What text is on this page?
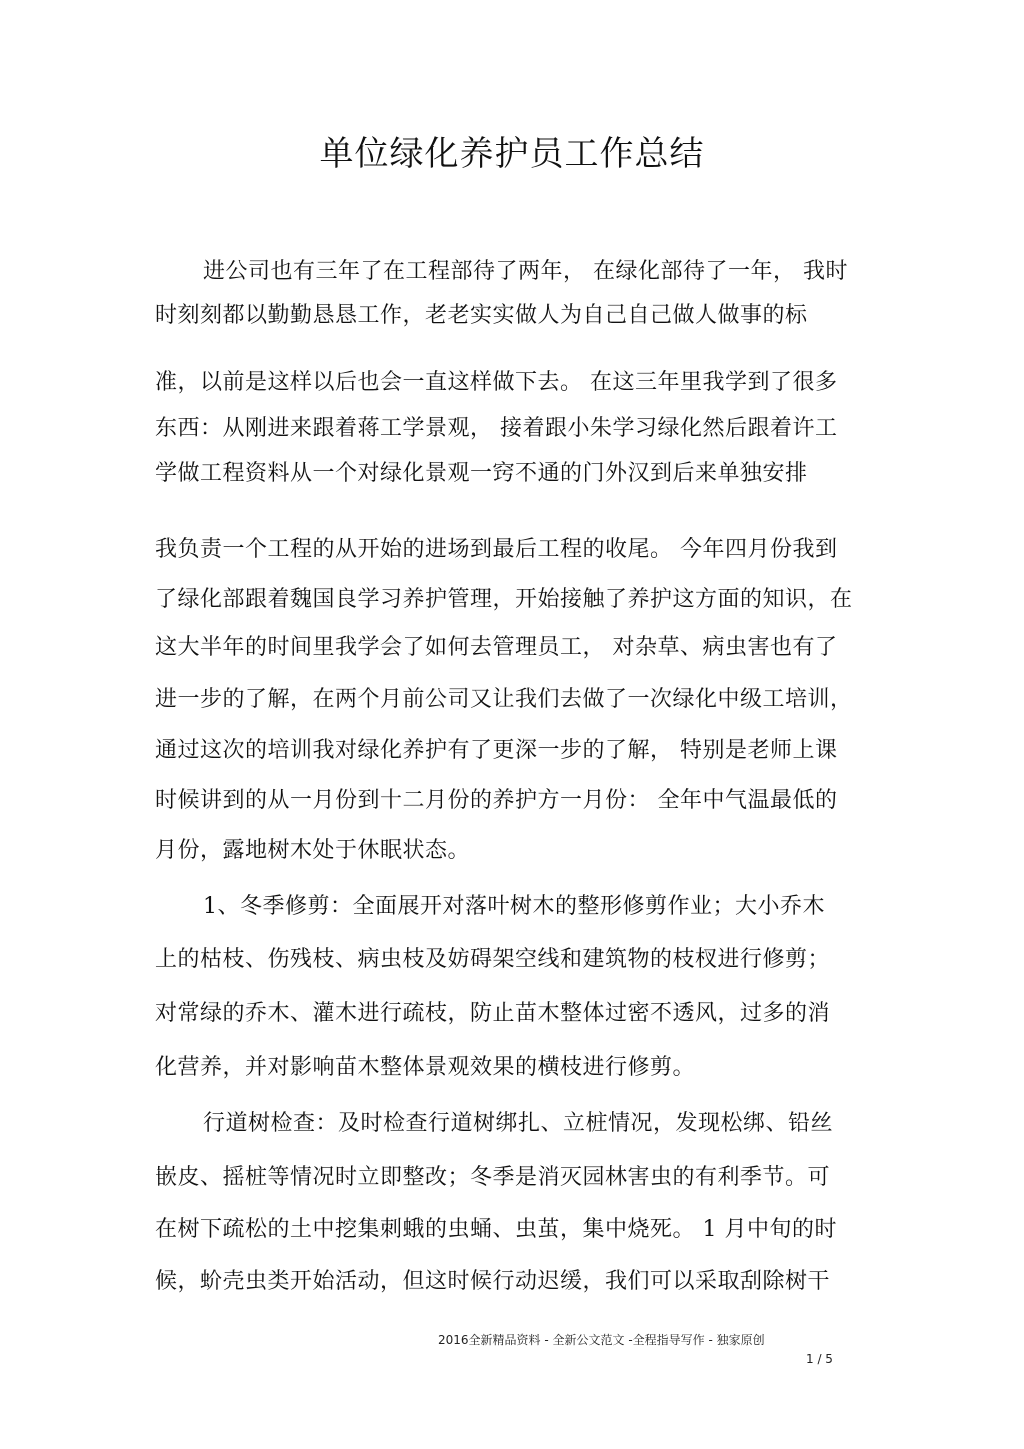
单位绿化养护员工作总结
进公司也有三年了在工程部待了两年， 在绿化部待了一年， 我时
时刻刻都以勤勤恳恳工作，老老实实做人为自己自己做人做事的标
准，以前是这样以后也会一直这样做下去。 在这三年里我学到了很多
东西：从刚进来跟着蒋工学景观， 接着跟小朱学习绿化然后跟着许工
学做工程资料从一个对绿化景观一窍不通的门外汉到后来单独安排
我负责一个工程的从开始的进场到最后工程的收尾。 今年四月份我到
了绿化部跟着魏国良学习养护管理，开始接触了养护这方面的知识，在
这大半年的时间里我学会了如何去管理员工， 对杂草、病虫害也有了
进一步的了解，在两个月前公司又让我们去做了一次绿化中级工培训，
通过这次的培训我对绿化养护有了更深一步的了解， 特别是老师上课
时候讲到的从一月份到十二月份的养护方一月份： 全年中气温最低的
月份，露地树木处于休眠状态。
1、冬季修剪：全面展开对落叶树木的整形修剪作业；大小乔木
上的枯枝、伤残枝、病虫枝及妨碍架空线和建筑物的枝杈进行修剪；
对常绿的乔木、灌木进行疏枝，防止苗木整体过密不透风，过多的消
化营养，并对影响苗木整体景观效果的横枝进行修剪。
行道树检查：及时检查行道树绑扎、立桩情况，发现松绑、铅丝
嵌皮、摇桩等情况时立即整改；冬季是消灭园林害虫的有利季节。可
在树下疏松的土中挖集刺蛾的虫蛹、虫茧，集中烧死。 1 月中旬的时
候，蚧壳虫类开始活动，但这时候行动迟缓，我们可以采取刮除树干
2016全新精品资料 - 全新公文范文 -全程指导写作 - 独家原创
1 / 5
